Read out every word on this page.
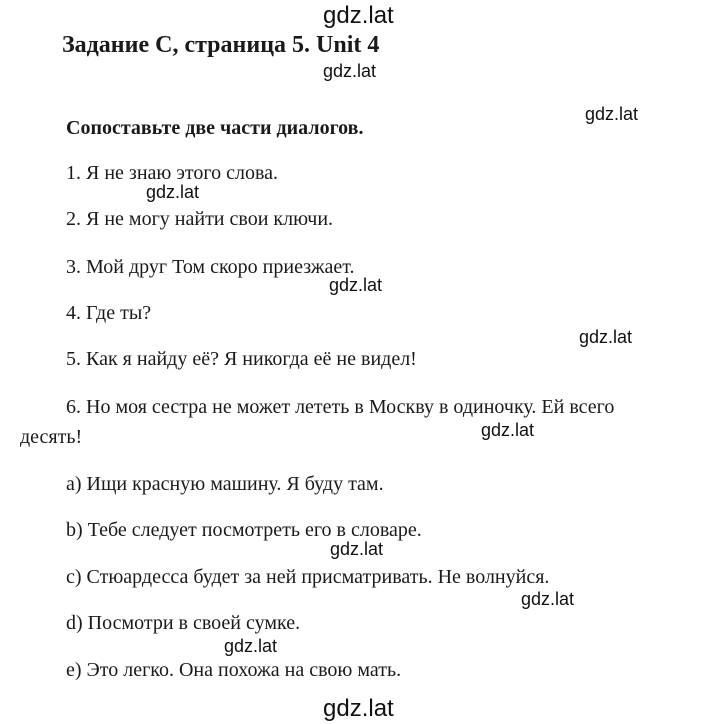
Задание C, страница 5. Unit 4
Сопоставьте две части диалогов.
1. Я не знаю этого слова.
2. Я не могу найти свои ключи.
3. Мой друг Том скоро приезжает.
4. Где ты?
5. Как я найду её? Я никогда её не видел!
6. Но моя сестра не может лететь в Москву в одиночку. Ей всего
десять!
a) Ищи красную машину. Я буду там.
b) Тебе следует посмотреть его в словаре.
c) Стюардесса будет за ней присматривать. Не волнуйся.
d) Посмотри в своей сумке.
e) Это легко. Она похожа на свою мать.
gdz.lat
gdz.lat
gdz.lat
gdz.lat
gdz.lat
gdz.lat
gdz.lat
gdz.lat
gdz.lat
gdz.lat
gdz.lat
